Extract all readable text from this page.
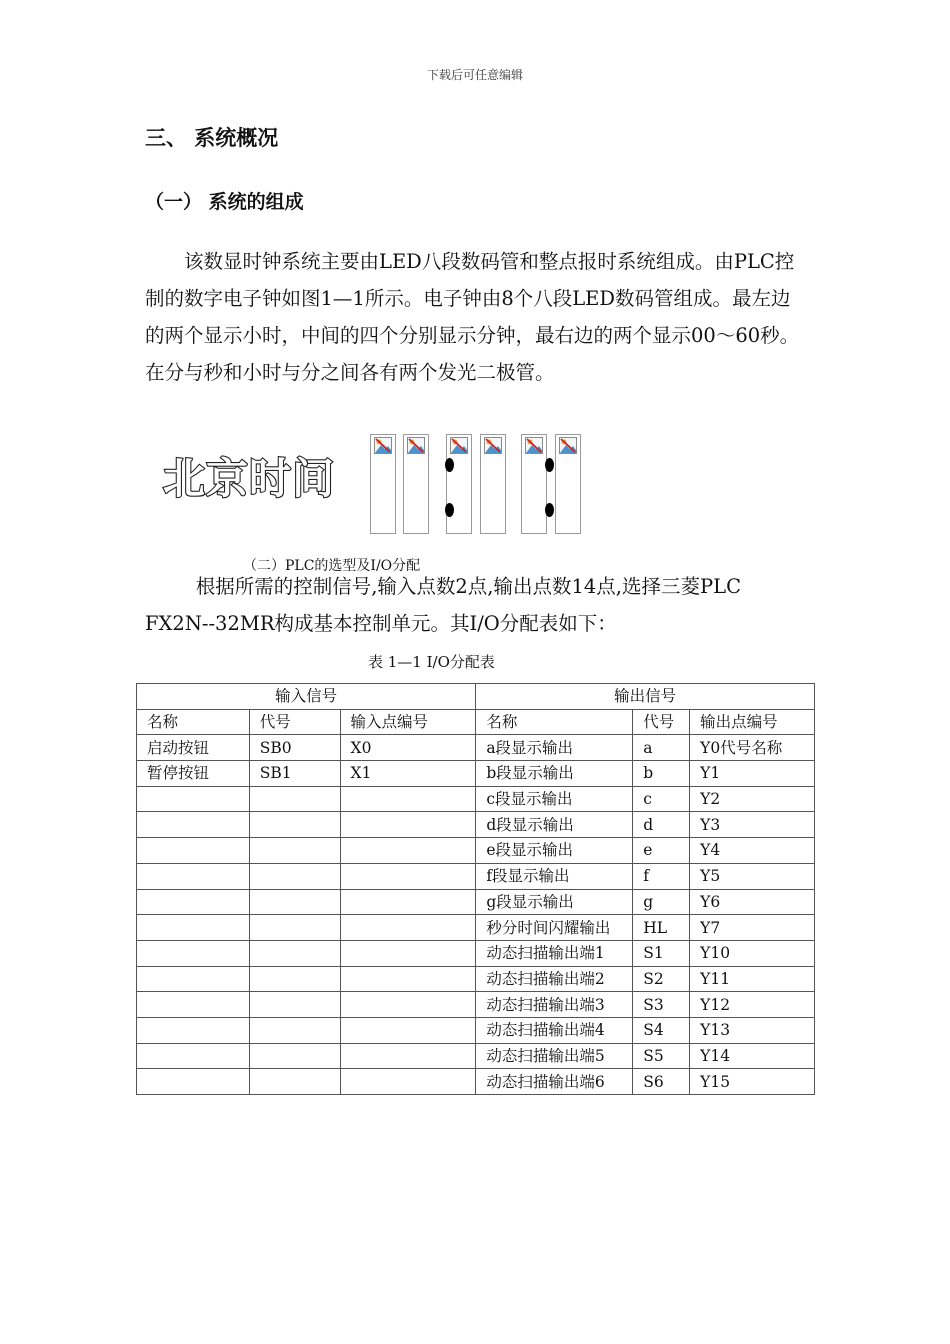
下载后可任意编辑
三、 系统概况
（一） 系统的组成
该数显时钟系统主要由LED八段数码管和整点报时系统组成。由PLC控制的数字电子钟如图1—1所示。电子钟由8个八段LED数码管组成。最左边的两个显示小时，中间的四个分别显示分钟，最右边的两个显示00～60秒。在分与秒和小时与分之间各有两个发光二极管。
北京时间
（二）PLC的选型及I/O分配
根据所需的控制信号,输入点数2点,输出点数14点,选择三菱PLC FX2N--32MR构成基本控制单元。其I/O分配表如下：
表 1—1 I/O分配表
输入信号			输出信号		
名称	代号	输入点编号	名称	代号	输出点编号
启动按钮	SB0	X0	a段显示输出	a	Y0代号名称
暂停按钮	SB1	X1	b段显示输出	b	Y1
			c段显示输出	c	Y2
			d段显示输出	d	Y3
			e段显示输出	e	Y4
			f段显示输出	f	Y5
			g段显示输出	g	Y6
			秒分时间闪耀输出	HL	Y7
			动态扫描输出端1	S1	Y10
			动态扫描输出端2	S2	Y11
			动态扫描输出端3	S3	Y12
			动态扫描输出端4	S4	Y13
			动态扫描输出端5	S5	Y14
			动态扫描输出端6	S6	Y15
